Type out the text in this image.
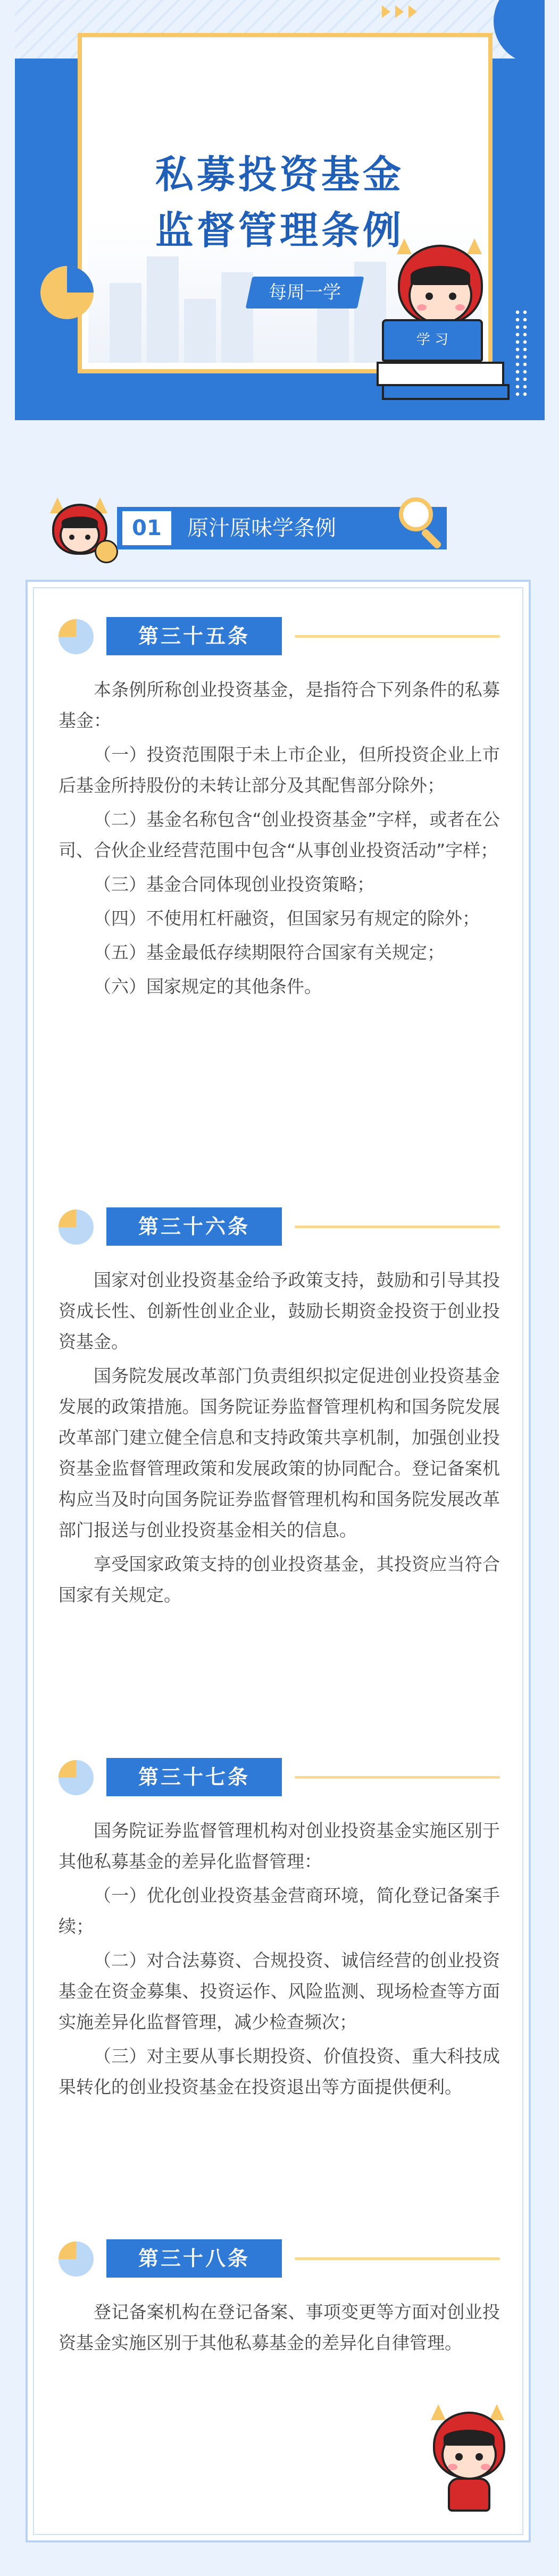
私募投资基金
监督管理条例
每周一学
学 习
01	原汁原味学条例
第三十五条

本条例所称创业投资基金，是指符合下列条件的私募基金：

（一）投资范围限于未上市企业，但所投资企业上市后基金所持股份的未转让部分及其配售部分除外；

（二）基金名称包含“创业投资基金”字样，或者在公司、合伙企业经营范围中包含“从事创业投资活动”字样；

（三）基金合同体现创业投资策略；

（四）不使用杠杆融资，但国家另有规定的除外；

（五）基金最低存续期限符合国家有关规定；

（六）国家规定的其他条件。

第三十六条

国家对创业投资基金给予政策支持，鼓励和引导其投资成长性、创新性创业企业，鼓励长期资金投资于创业投资基金。

国务院发展改革部门负责组织拟定促进创业投资基金发展的政策措施。国务院证券监督管理机构和国务院发展改革部门建立健全信息和支持政策共享机制，加强创业投资基金监督管理政策和发展政策的协同配合。登记备案机构应当及时向国务院证券监督管理机构和国务院发展改革部门报送与创业投资基金相关的信息。

享受国家政策支持的创业投资基金，其投资应当符合国家有关规定。

第三十七条

国务院证券监督管理机构对创业投资基金实施区别于其他私募基金的差异化监督管理：

（一）优化创业投资基金营商环境，简化登记备案手续；

（二）对合法募资、合规投资、诚信经营的创业投资基金在资金募集、投资运作、风险监测、现场检查等方面实施差异化监督管理，减少检查频次；

（三）对主要从事长期投资、价值投资、重大科技成果转化的创业投资基金在投资退出等方面提供便利。

第三十八条

登记备案机构在登记备案、事项变更等方面对创业投资基金实施区别于其他私募基金的差异化自律管理。
